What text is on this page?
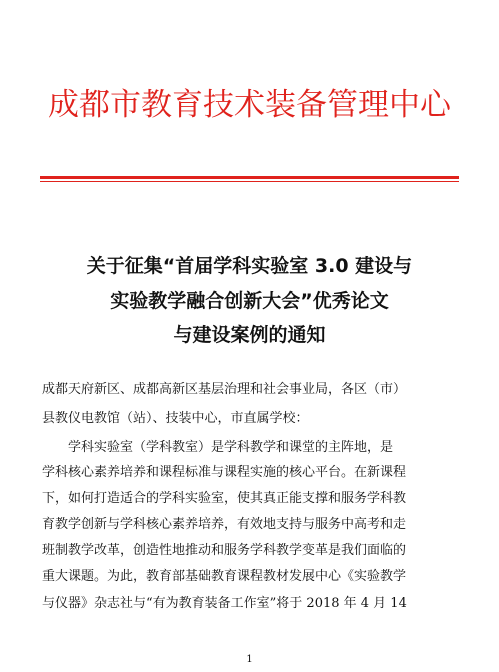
成都市教育技术装备管理中心
关于征集“首届学科实验室 3.0 建设与
实验教学融合创新大会”优秀论文
与建设案例的通知
成都天府新区、成都高新区基层治理和社会事业局，各区（市）
县教仪电教馆（站）、技装中心，市直属学校：
学科实验室（学科教室）是学科教学和课堂的主阵地，是
学科核心素养培养和课程标准与课程实施的核心平台。在新课程
下，如何打造适合的学科实验室，使其真正能支撑和服务学科教
育教学创新与学科核心素养培养，有效地支持与服务中高考和走
班制教学改革，创造性地推动和服务学科教学变革是我们面临的
重大课题。为此，教育部基础教育课程教材发展中心《实验教学
与仪器》杂志社与“有为教育装备工作室”将于 2018 年 4 月 14
1
